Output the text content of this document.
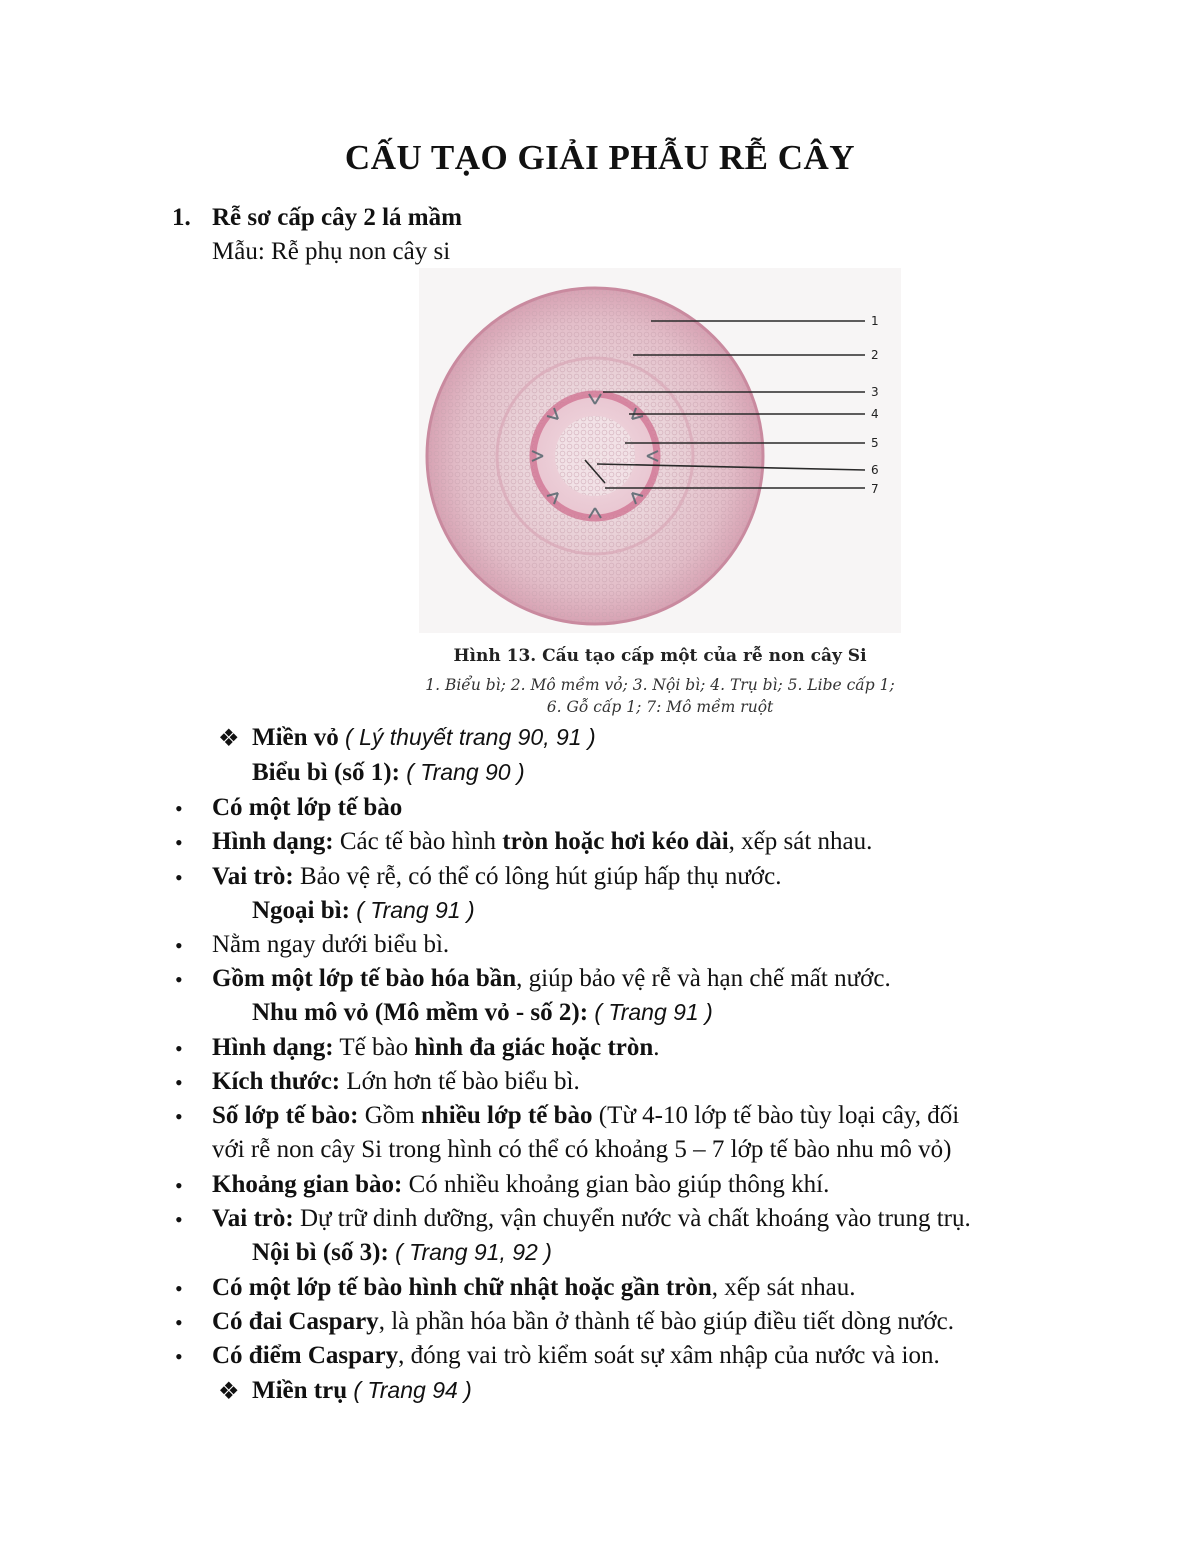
CẤU TẠO GIẢI PHẪU RỄ CÂY
1. Rễ sơ cấp cây 2 lá mầm
Mẫu: Rễ phụ non cây si
1
2
3
4
5
6
7
Hình 13. Cấu tạo cấp một của rễ non cây Si
1. Biểu bì; 2. Mô mềm vỏ; 3. Nội bì; 4. Trụ bì; 5. Libe cấp 1;
6. Gỗ cấp 1; 7: Mô mềm ruột
❖ Miền vỏ ( Lý thuyết trang 90, 91 )
Biểu bì (số 1): ( Trang 90 )
• Có một lớp tế bào
• Hình dạng: Các tế bào hình tròn hoặc hơi kéo dài, xếp sát nhau.
• Vai trò: Bảo vệ rễ, có thể có lông hút giúp hấp thụ nước.
Ngoại bì: ( Trang 91 )
• Nằm ngay dưới biểu bì.
• Gồm một lớp tế bào hóa bần, giúp bảo vệ rễ và hạn chế mất nước.
Nhu mô vỏ (Mô mềm vỏ - số 2): ( Trang 91 )
• Hình dạng: Tế bào hình đa giác hoặc tròn.
• Kích thước: Lớn hơn tế bào biểu bì.
• Số lớp tế bào: Gồm nhiều lớp tế bào (Từ 4-10 lớp tế bào tùy loại cây, đối
với rễ non cây Si trong hình có thể có khoảng 5 – 7 lớp tế bào nhu mô vỏ)
• Khoảng gian bào: Có nhiều khoảng gian bào giúp thông khí.
• Vai trò: Dự trữ dinh dưỡng, vận chuyển nước và chất khoáng vào trung trụ.
Nội bì (số 3): ( Trang 91, 92 )
• Có một lớp tế bào hình chữ nhật hoặc gần tròn, xếp sát nhau.
• Có đai Caspary, là phần hóa bần ở thành tế bào giúp điều tiết dòng nước.
• Có điểm Caspary, đóng vai trò kiểm soát sự xâm nhập của nước và ion.
❖ Miền trụ ( Trang 94 )
